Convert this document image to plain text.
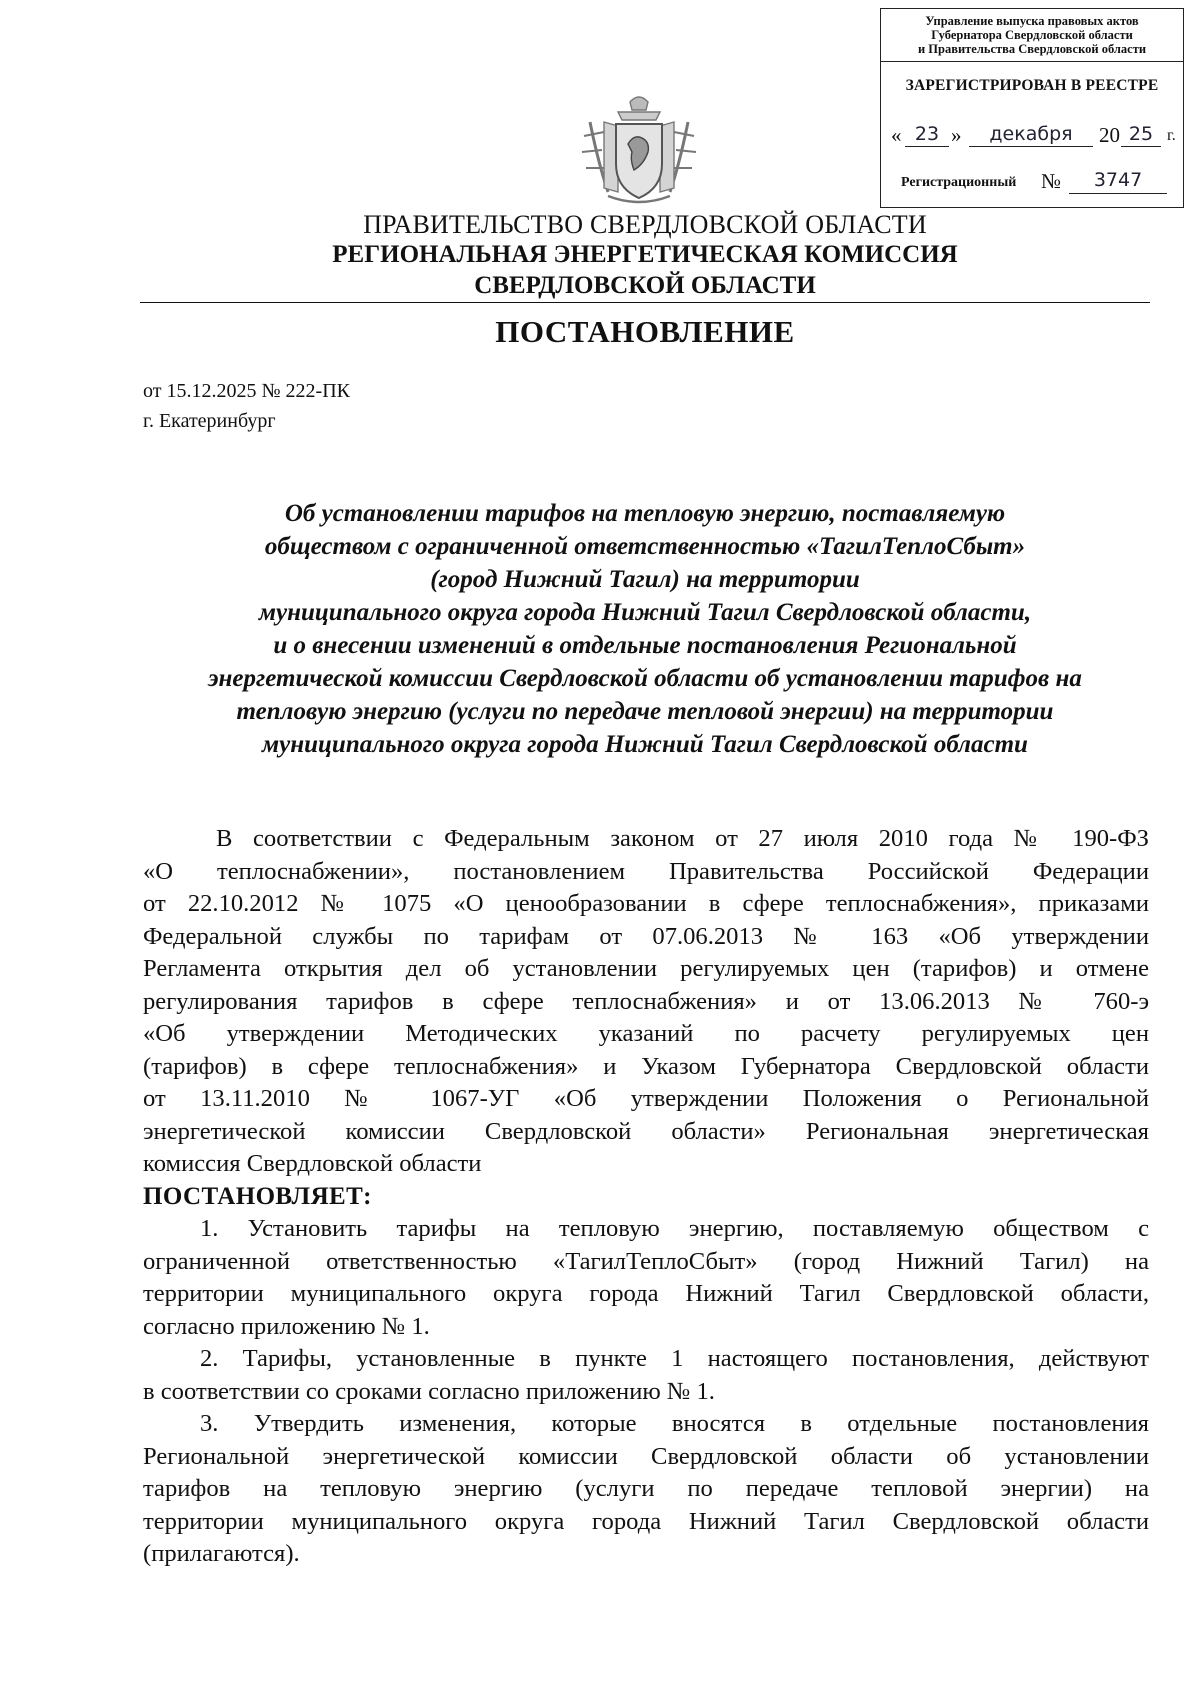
Управление выпуска правовых актов
Губернатора Свердловской области
и Правительства Свердловской области
ЗАРЕГИСТРИРОВАН В РЕЕСТРЕ
« 23 »	декабря	20 25 г.
Регистрационный №	3747
ПРАВИТЕЛЬСТВО СВЕРДЛОВСКОЙ ОБЛАСТИ
РЕГИОНАЛЬНАЯ ЭНЕРГЕТИЧЕСКАЯ КОМИССИЯ
СВЕРДЛОВСКОЙ ОБЛАСТИ
ПОСТАНОВЛЕНИЕ
от 15.12.2025 № 222-ПК
г. Екатеринбург
Об установлении тарифов на тепловую энергию, поставляемую
обществом с ограниченной ответственностью «ТагилТеплоСбыт»
(город Нижний Тагил) на территории
муниципального округа города Нижний Тагил Свердловской области,
и о внесении изменений в отдельные постановления Региональной
энергетической комиссии Свердловской области об установлении тарифов на
тепловую энергию (услуги по передаче тепловой энергии) на территории
муниципального округа города Нижний Тагил Свердловской области
В соответствии с Федеральным законом от 27 июля 2010 года № 190-ФЗ
«О теплоснабжении», постановлением Правительства Российской Федерации
от 22.10.2012 № 1075 «О ценообразовании в сфере теплоснабжения», приказами
Федеральной службы по тарифам от 07.06.2013 № 163 «Об утверждении
Регламента открытия дел об установлении регулируемых цен (тарифов) и отмене
регулирования тарифов в сфере теплоснабжения» и от 13.06.2013 № 760-э
«Об утверждении Методических указаний по расчету регулируемых цен
(тарифов) в сфере теплоснабжения» и Указом Губернатора Свердловской области
от 13.11.2010 № 1067-УГ «Об утверждении Положения о Региональной
энергетической комиссии Свердловской области» Региональная энергетическая
комиссия Свердловской области
ПОСТАНОВЛЯЕТ:
1. Установить тарифы на тепловую энергию, поставляемую обществом с
ограниченной ответственностью «ТагилТеплоСбыт» (город Нижний Тагил) на
территории муниципального округа города Нижний Тагил Свердловской области,
согласно приложению № 1.
2. Тарифы, установленные в пункте 1 настоящего постановления, действуют
в соответствии со сроками согласно приложению № 1.
3. Утвердить изменения, которые вносятся в отдельные постановления
Региональной энергетической комиссии Свердловской области об установлении
тарифов на тепловую энергию (услуги по передаче тепловой энергии) на
территории муниципального округа города Нижний Тагил Свердловской области
(прилагаются).
